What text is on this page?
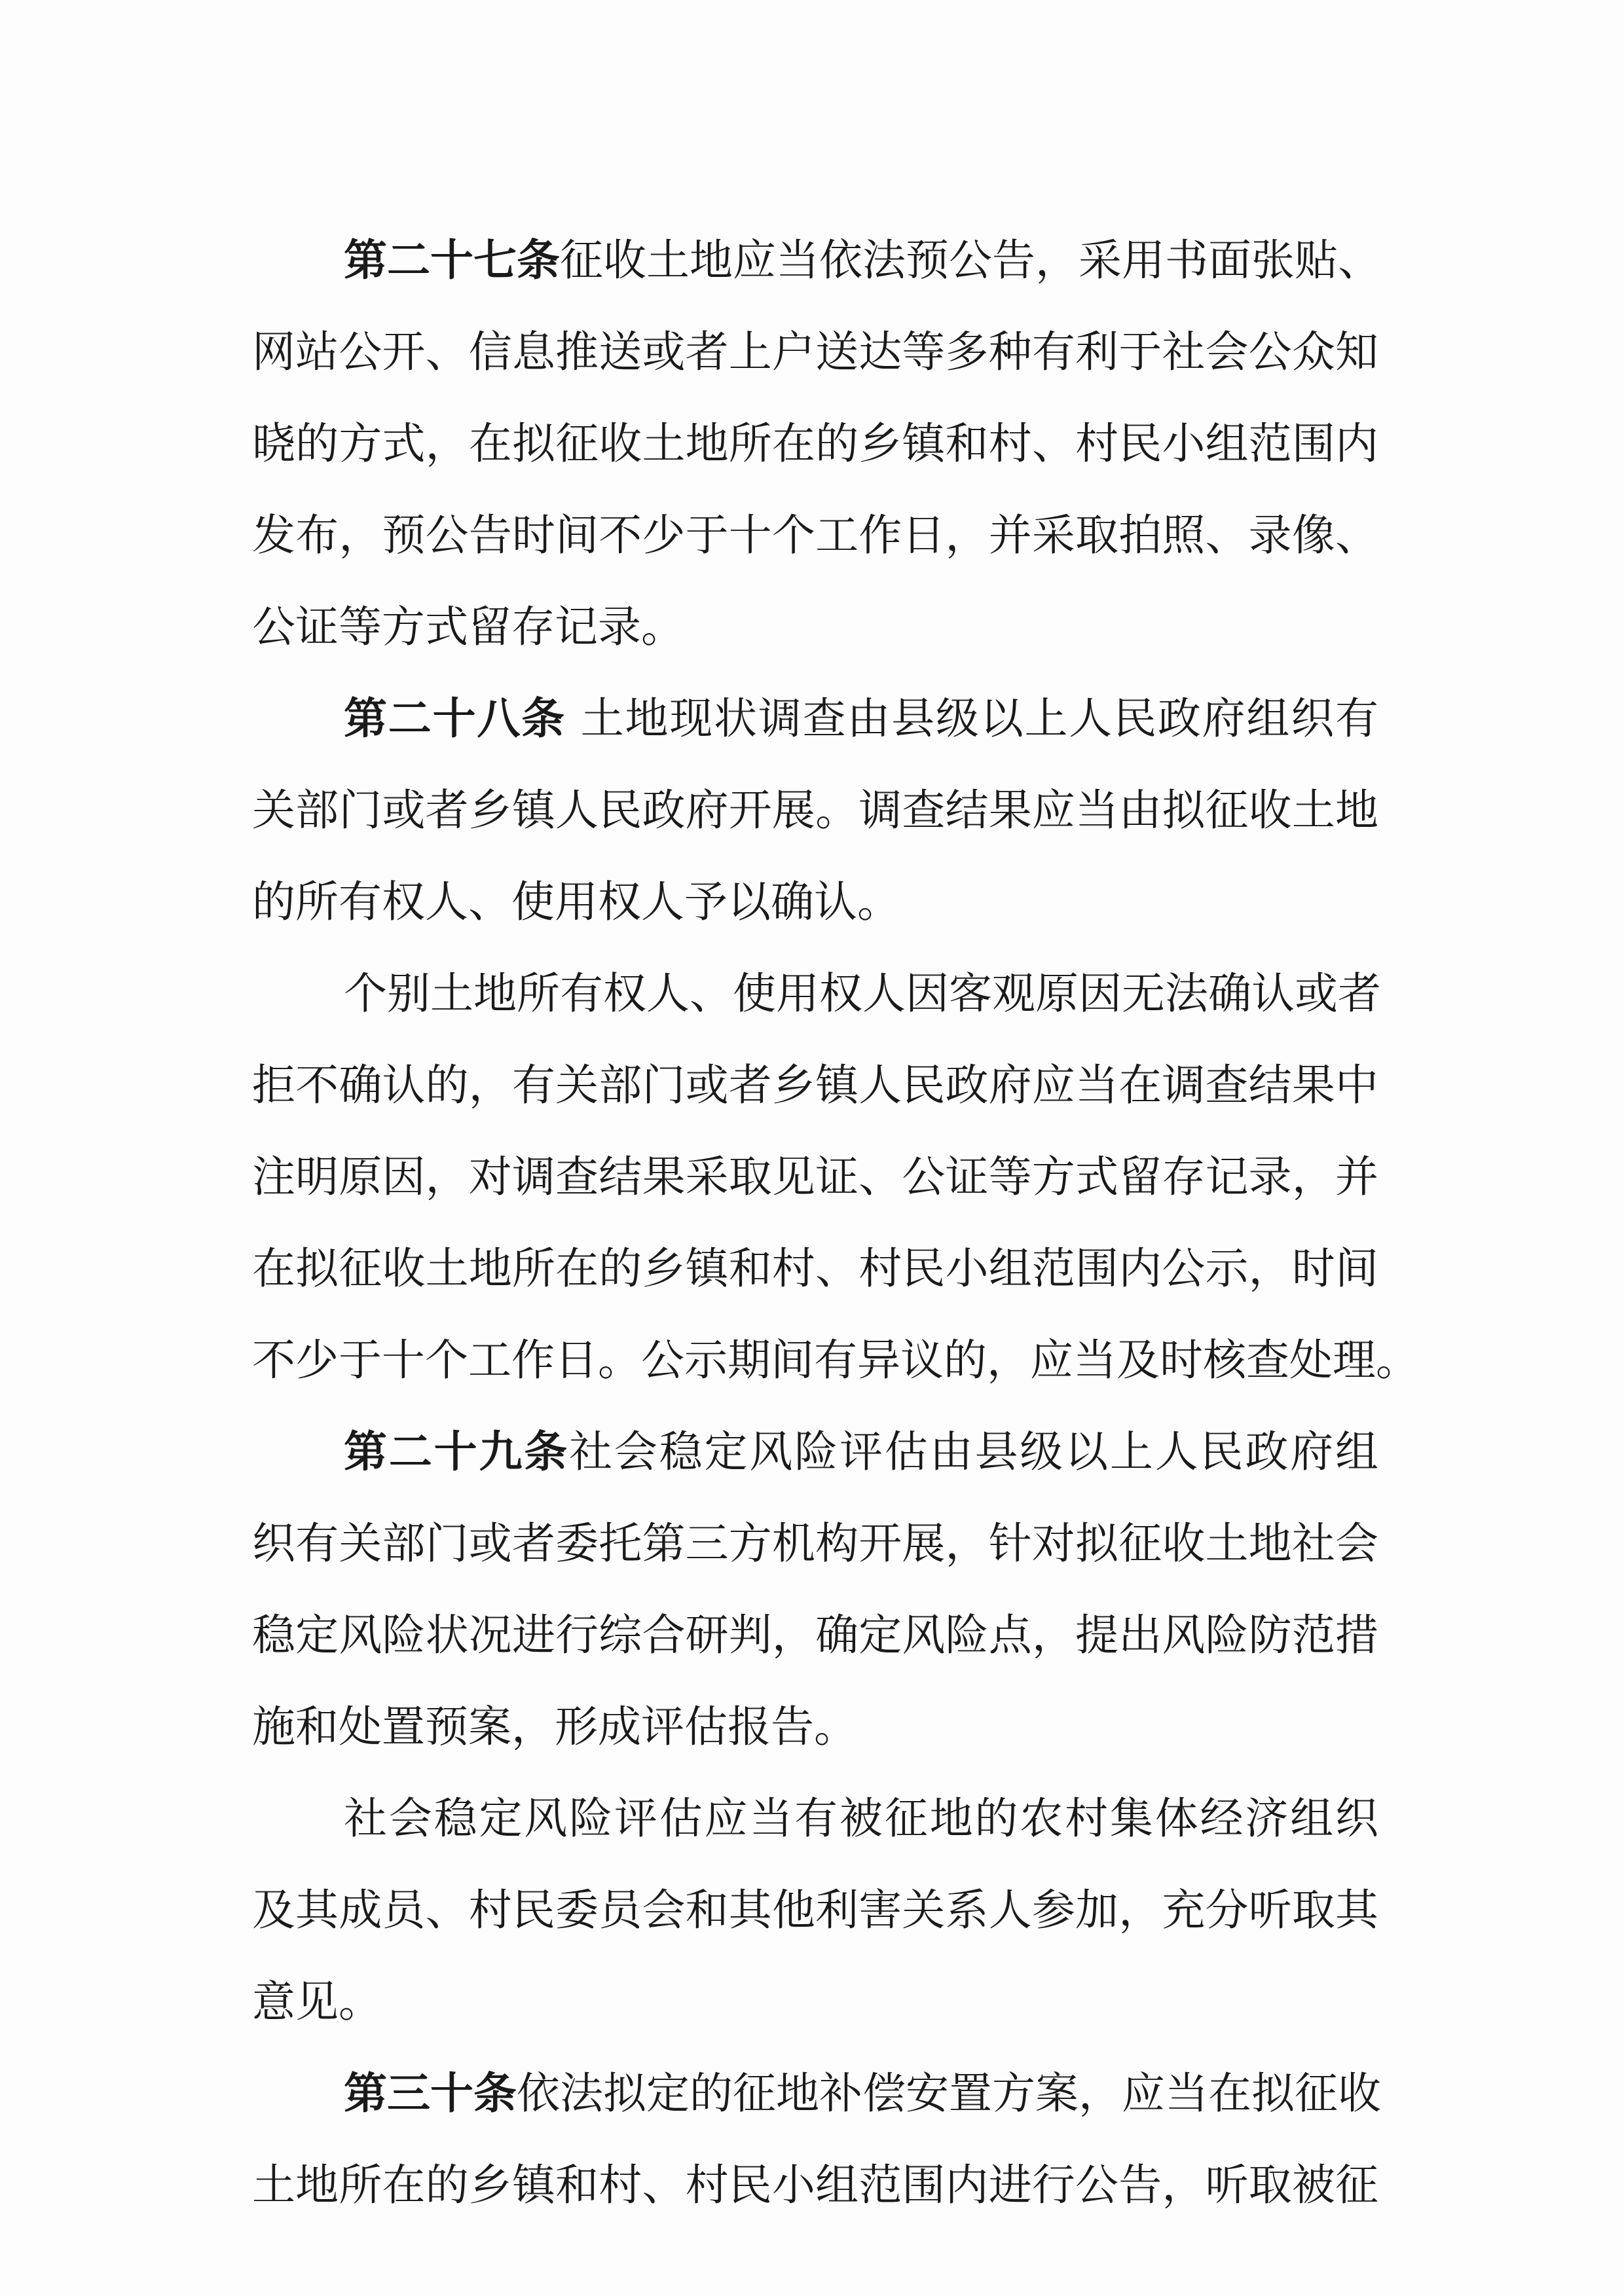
第二十七条征收土地应当依法预公告，采用书面张贴、
网站公开、信息推送或者上户送达等多种有利于社会公众知
晓的方式，在拟征收土地所在的乡镇和村、村民小组范围内
发布，预公告时间不少于十个工作日，并采取拍照、录像、
公证等方式留存记录。
第二十八条 土地现状调查由县级以上人民政府组织有
关部门或者乡镇人民政府开展。调查结果应当由拟征收土地
的所有权人、使用权人予以确认。
个别土地所有权人、使用权人因客观原因无法确认或者
拒不确认的，有关部门或者乡镇人民政府应当在调查结果中
注明原因，对调查结果采取见证、公证等方式留存记录，并
在拟征收土地所在的乡镇和村、村民小组范围内公示，时间
不少于十个工作日。公示期间有异议的，应当及时核查处理。
第二十九条社会稳定风险评估由县级以上人民政府组
织有关部门或者委托第三方机构开展，针对拟征收土地社会
稳定风险状况进行综合研判，确定风险点，提出风险防范措
施和处置预案，形成评估报告。
社会稳定风险评估应当有被征地的农村集体经济组织
及其成员、村民委员会和其他利害关系人参加，充分听取其
意见。
第三十条依法拟定的征地补偿安置方案，应当在拟征收
土地所在的乡镇和村、村民小组范围内进行公告，听取被征
